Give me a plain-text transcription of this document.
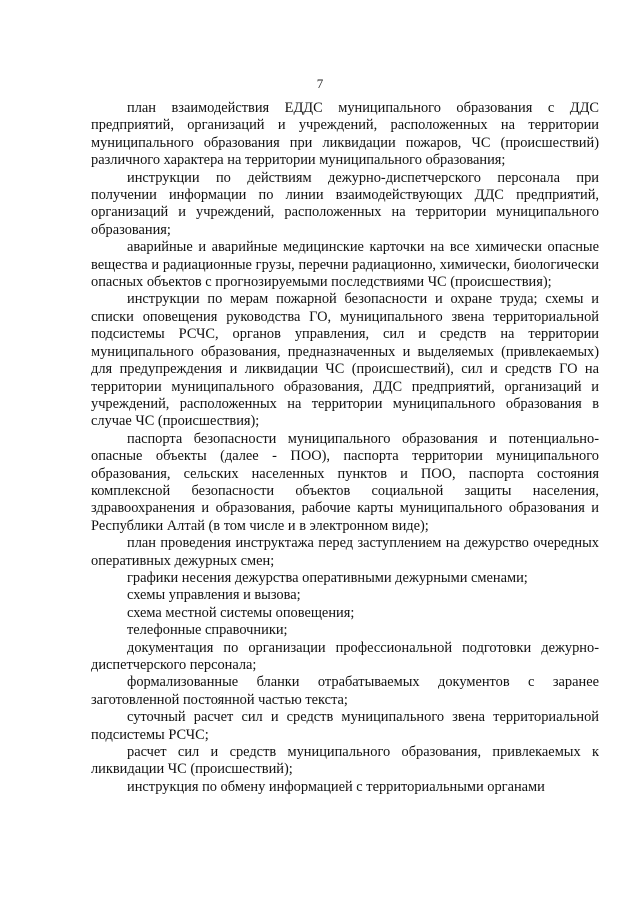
7

план взаимодействия ЕДДС муниципального образования с ДДС предприятий, организаций и учреждений, расположенных на территории муниципального образования при ликвидации пожаров, ЧС (происшествий) различного характера на территории муниципального образования;

инструкции по действиям дежурно-диспетчерского персонала при получении информации по линии взаимодействующих ДДС предприятий, организаций и учреждений, расположенных на территории муниципального образования;

аварийные и аварийные медицинские карточки на все химически опасные вещества и радиационные грузы, перечни радиационно, химически, биологически опасных объектов с прогнозируемыми последствиями ЧС (происшествия);

инструкции по мерам пожарной безопасности и охране труда; схемы и списки оповещения руководства ГО, муниципального звена территориальной подсистемы РСЧС, органов управления, сил и средств на территории муниципального образования, предназначенных и выделяемых (привлекаемых) для предупреждения и ликвидации ЧС (происшествий), сил и средств ГО на территории муниципального образования, ДДС предприятий, организаций и учреждений, расположенных на территории муниципального образования в случае ЧС (происшествия);

паспорта безопасности муниципального образования и потенциально-опасные объекты (далее - ПОО), паспорта территории муниципального образования, сельских населенных пунктов и ПОО, паспорта состояния комплексной безопасности объектов социальной защиты населения, здравоохранения и образования, рабочие карты муниципального образования и Республики Алтай (в том числе и в электронном виде);

план проведения инструктажа перед заступлением на дежурство очередных оперативных дежурных смен;

графики несения дежурства оперативными дежурными сменами;

схемы управления и вызова;

схема местной системы оповещения;

телефонные справочники;

документация по организации профессиональной подготовки дежурно-диспетчерского персонала;

формализованные бланки отрабатываемых документов с заранее заготовленной постоянной частью текста;

суточный расчет сил и средств муниципального звена территориальной подсистемы РСЧС;

расчет сил и средств муниципального образования, привлекаемых к ликвидации ЧС (происшествий);

инструкция по обмену информацией с территориальными органами
